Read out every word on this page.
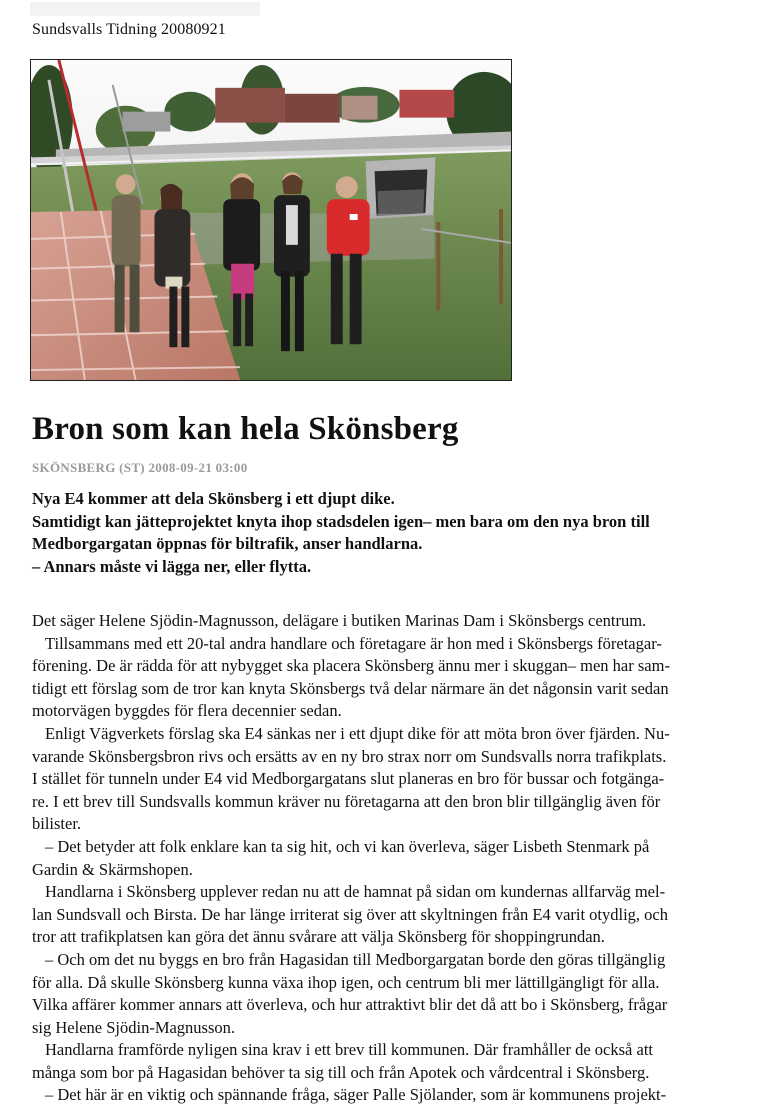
Sundsvalls Tidning 20080921
Bron som kan hela Skönsberg
SKÖNSBERG (ST) 2008-09-21 03:00
Nya E4 kommer att dela Skönsberg i ett djupt dike.
Samtidigt kan jätteprojektet knyta ihop stadsdelen igen– men bara om den nya bron till
Medborgargatan öppnas för biltrafik, anser handlarna.
– Annars måste vi lägga ner, eller flytta.
Det säger Helene Sjödin-Magnusson, delägare i butiken Marinas Dam i Skönsbergs centrum.
Tillsammans med ett 20-tal andra handlare och företagare är hon med i Skönsbergs företagar-
förening. De är rädda för att nybygget ska placera Skönsberg ännu mer i skuggan– men har sam-
tidigt ett förslag som de tror kan knyta Skönsbergs två delar närmare än det någonsin varit sedan
motorvägen byggdes för flera decennier sedan.
Enligt Vägverkets förslag ska E4 sänkas ner i ett djupt dike för att möta bron över fjärden. Nu-
varande Skönsbergsbron rivs och ersätts av en ny bro strax norr om Sundsvalls norra trafikplats.
I stället för tunneln under E4 vid Medborgargatans slut planeras en bro för bussar och fotgänga-
re. I ett brev till Sundsvalls kommun kräver nu företagarna att den bron blir tillgänglig även för
bilister.
– Det betyder att folk enklare kan ta sig hit, och vi kan överleva, säger Lisbeth Stenmark på
Gardin & Skärmshopen.
Handlarna i Skönsberg upplever redan nu att de hamnat på sidan om kundernas allfarväg mel-
lan Sundsvall och Birsta. De har länge irriterat sig över att skyltningen från E4 varit otydlig, och
tror att trafikplatsen kan göra det ännu svårare att välja Skönsberg för shoppingrundan.
– Och om det nu byggs en bro från Hagasidan till Medborgargatan borde den göras tillgänglig
för alla. Då skulle Skönsberg kunna växa ihop igen, och centrum bli mer lättillgängligt för alla.
Vilka affärer kommer annars att överleva, och hur attraktivt blir det då att bo i Skönsberg, frågar
sig Helene Sjödin-Magnusson.
Handlarna framförde nyligen sina krav i ett brev till kommunen. Där framhåller de också att
många som bor på Hagasidan behöver ta sig till och från Apotek och vårdcentral i Skönsberg.
– Det här är en viktig och spännande fråga, säger Palle Sjölander, som är kommunens projekt-
